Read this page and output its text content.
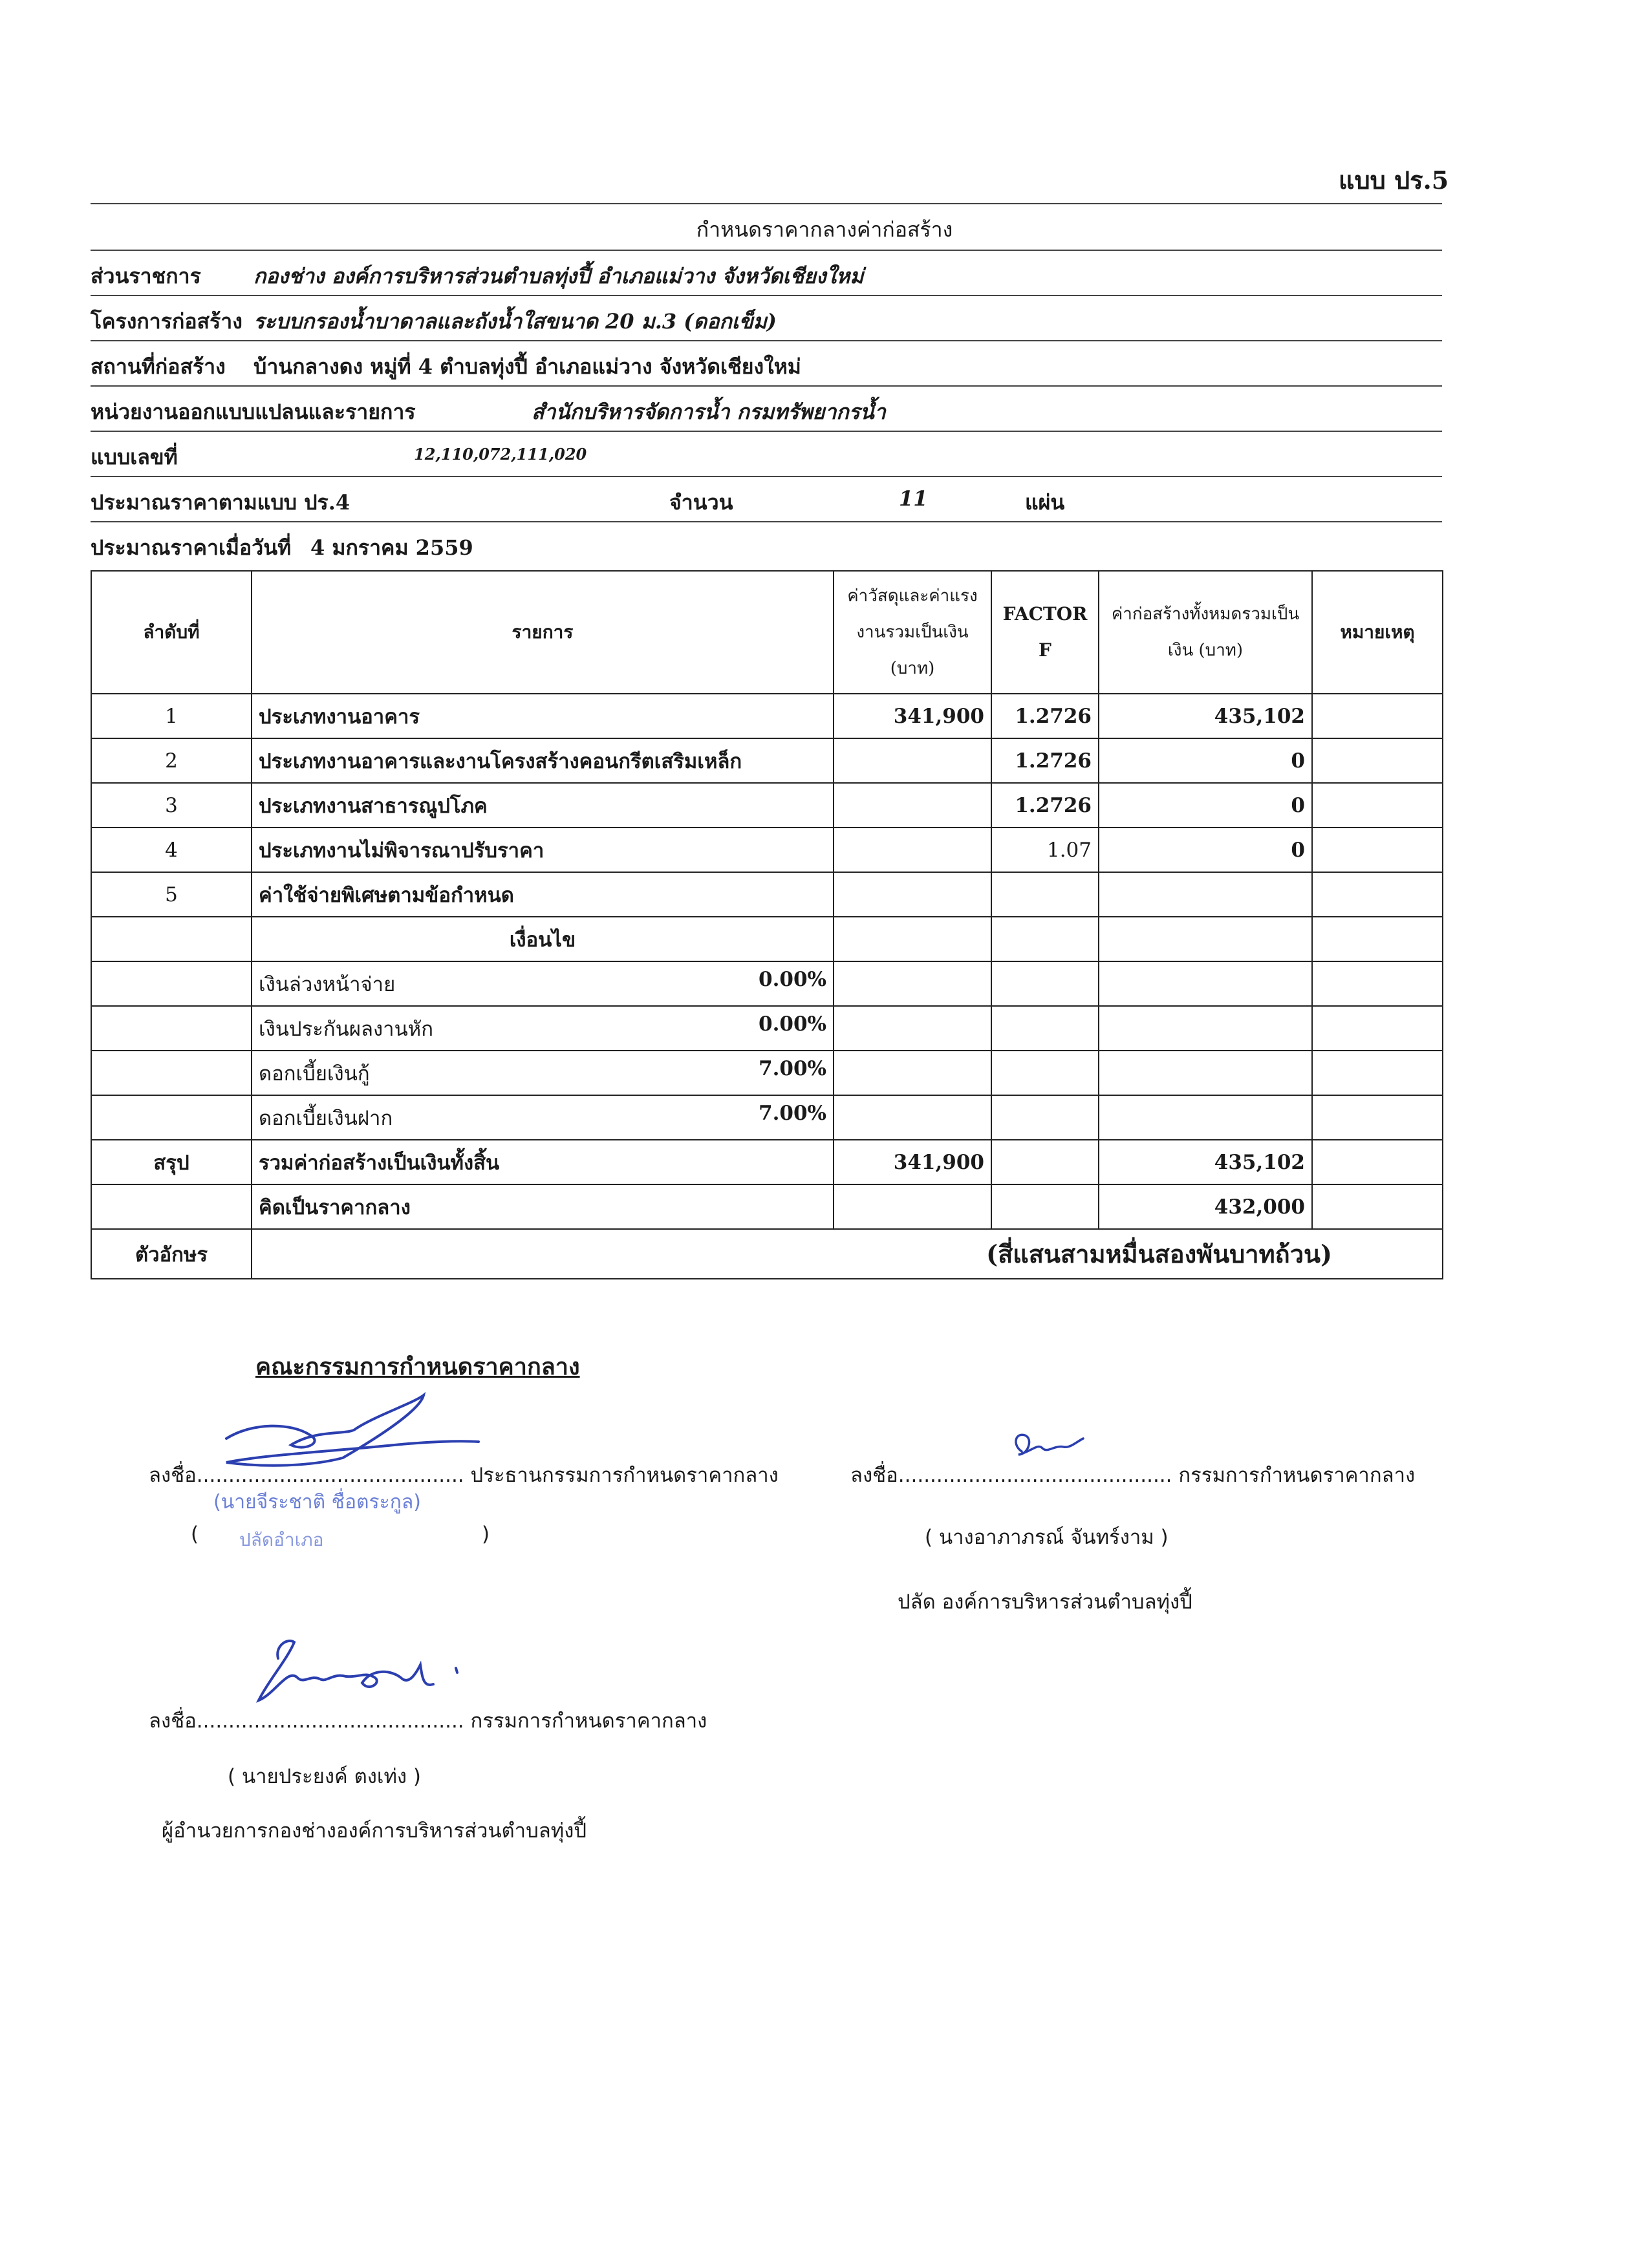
แบบ ปร.5
กำหนดราคากลางค่าก่อสร้าง
ส่วนราชการ	กองช่าง องค์การบริหารส่วนตำบลทุ่งปี้ อำเภอแม่วาง จังหวัดเชียงใหม่
โครงการก่อสร้าง ระบบกรองน้ำบาดาลและถังน้ำใสขนาด 20 ม.3 (ดอกเข็ม)
สถานที่ก่อสร้าง บ้านกลางดง หมู่ที่ 4 ตำบลทุ่งปี้ อำเภอแม่วาง จังหวัดเชียงใหม่
หน่วยงานออกแบบแปลนและรายการ	สำนักบริหารจัดการน้ำ กรมทรัพยากรน้ำ
แบบเลขที่	12,110,072,111,020
ประมาณราคาตามแบบ ปร.4	จำนวน	11	แผ่น
ประมาณราคาเมื่อวันที่ 4 มกราคม 2559
ลำดับที่	รายการ	ค่าวัสดุและค่าแรงงานรวมเป็นเงิน (บาท)	FACTOR F	ค่าก่อสร้างทั้งหมดรวมเป็นเงิน (บาท)	หมายเหตุ
1	ประเภทงานอาคาร	341,900	1.2726	435,102	
2	ประเภทงานอาคารและงานโครงสร้างคอนกรีตเสริมเหล็ก		1.2726	0	
3	ประเภทงานสาธารณูปโภค		1.2726	0	
4	ประเภทงานไม่พิจารณาปรับราคา		1.07	0	
5	ค่าใช้จ่ายพิเศษตามข้อกำหนด				
	เงื่อนไข				
	เงินล่วงหน้าจ่าย 0.00%				

	เงินประกันผลงานหัก 0.00%				

	ดอกเบี้ยเงินกู้ 7.00%				

	ดอกเบี้ยเงินฝาก 7.00%				

สรุป	รวมค่าก่อสร้างเป็นเงินทั้งสิ้น	341,900		435,102	
	คิดเป็นราคากลาง			432,000	
ตัวอักษร	(สี่แสนสามหมื่นสองพันบาทถ้วน)				
คณะกรรมการกำหนดราคากลาง
ลงชื่อ.......................................... ประธานกรรมการกำหนดราคากลาง
(นายจีระชาติ ชื่อตระกูล)
( ปลัดอำเภอ	)
ลงชื่อ........................................... กรรมการกำหนดราคากลาง
( นางอาภาภรณ์ จันทร์งาม )
ปลัด องค์การบริหารส่วนตำบลทุ่งปี้
ลงชื่อ.......................................... กรรมการกำหนดราคากลาง
( นายประยงค์ ตงเท่ง )
ผู้อำนวยการกองช่างองค์การบริหารส่วนตำบลทุ่งปี้
